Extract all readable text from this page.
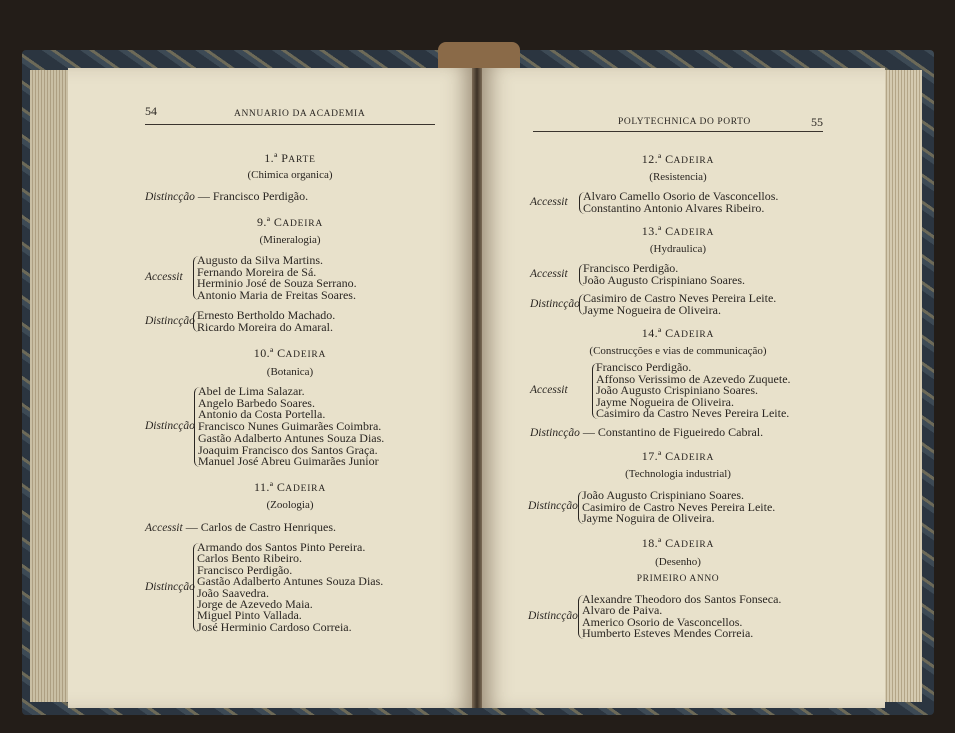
54	ANNUARIO DA ACADEMIA
1.ª PARTE
(Chimica organica)
Distincção — Francisco Perdigão.
9.ª CADEIRA
(Mineralogia)
Accessit
Augusto da Silva Martins.
Fernando Moreira de Sá.
Herminio José de Souza Serrano.
Antonio Maria de Freitas Soares.
Distincção Ernesto Bertholdo Machado.
Ricardo Moreira do Amaral.
10.ª CADEIRA
(Botanica)
Distincção
Abel de Lima Salazar.
Angelo Barbedo Soares.
Antonio da Costa Portella.
Francisco Nunes Guimarães Coimbra.
Gastão Adalberto Antunes Souza Dias.
Joaquim Francisco dos Santos Graça.
Manuel José Abreu Guimarães Junior
11.ª CADEIRA
(Zoologia)
Accessit — Carlos de Castro Henriques.
Distincção
Armando dos Santos Pinto Pereira.
Carlos Bento Ribeiro.
Francisco Perdigão.
Gastão Adalberto Antunes Souza Dias.
João Saavedra.
Jorge de Azevedo Maia.
Miguel Pinto Vallada.
José Herminio Cardoso Correia.
POLYTECHNICA DO PORTO	55
12.ª CADEIRA
(Resistencia)
Accessit Alvaro Camello Osorio de Vasconcellos.
Constantino Antonio Alvares Ribeiro.
13.ª CADEIRA
(Hydraulica)
Accessit Francisco Perdigão.
João Augusto Crispiniano Soares.
Distincção Casimiro de Castro Neves Pereira Leite.
Jayme Nogueira de Oliveira.
14.ª CADEIRA
(Construcções e vias de communicação)
Accessit
Francisco Perdigão.
Affonso Verissimo de Azevedo Zuquete.
João Augusto Crispiniano Soares.
Jayme Nogueira de Oliveira.
Casimiro da Castro Neves Pereira Leite.
Distincção — Constantino de Figueiredo Cabral.
17.ª CADEIRA
(Technologia industrial)
Distincção
João Augusto Crispiniano Soares.
Casimiro de Castro Neves Pereira Leite.
Jayme Noguira de Oliveira.
18.ª CADEIRA
(Desenho)
PRIMEIRO ANNO
Distincção
Alexandre Theodoro dos Santos Fonseca.
Alvaro de Paiva.
Americo Osorio de Vasconcellos.
Humberto Esteves Mendes Correia.
